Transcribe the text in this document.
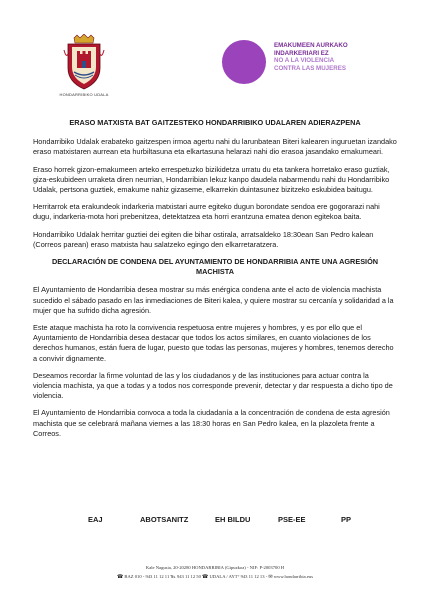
HONDARRIBIKO UDALA
EMAKUMEEN AURKAKO
INDARKERIARI EZ
NO A LA VIOLENCIA
CONTRA LAS MUJERES
ERASO MATXISTA BAT GAITZESTEKO HONDARRIBIKO UDALAREN ADIERAZPENA

Hondarribiko Udalak erabateko gaitzespen irmoa agertu nahi du larunbatean Biteri kalearen inguruetan izandako eraso matxistaren aurrean eta hurbiltasuna eta elkartasuna helarazi nahi dio erasoa jasandako emakumeari.

Eraso horrek gizon-emakumeen arteko errespetuzko bizikidetza urratu du eta tankera horretako eraso guztiak, giza-eskubideen urraketa diren neurrian, Hondarribian lekuz kanpo daudela nabarmendu nahi du Hondarribiko Udalak, pertsona guztiek, emakume nahiz gizaseme, elkarrekin duintasunez bizitzeko eskubidea baitugu.

Herritarrok eta erakundeok indarkeria matxistari aurre egiteko dugun borondate sendoa ere gogorarazi nahi dugu, indarkeria-mota hori prebenitzea, detektatzea eta horri erantzuna ematea denon egitekoa baita.

Hondarribiko Udalak herritar guztiei dei egiten die bihar ostirala, arratsaldeko 18:30ean San Pedro kalean (Correos parean) eraso matxista hau salatzeko egingo den elkarretaratzera.

DECLARACIÓN DE CONDENA DEL AYUNTAMIENTO DE HONDARRIBIA ANTE UNA AGRESIÓN MACHISTA

El Ayuntamiento de Hondarribia desea mostrar su más enérgica condena ante el acto de violencia machista sucedido el sábado pasado en las inmediaciones de Biteri kalea, y quiere mostrar su cercanía y solidaridad a la mujer que ha sufrido dicha agresión.

Este ataque machista ha roto la convivencia respetuosa entre mujeres y hombres, y es por ello que el Ayuntamiento de Hondarribia desea destacar que todos los actos similares, en cuanto violaciones de los derechos humanos, están fuera de lugar, puesto que todas las personas, mujeres y hombres, tenemos derecho a convivir dignamente.

Deseamos recordar la firme voluntad de las y los ciudadanos y de las instituciones para actuar contra la violencia machista, ya que a todas y a todos nos corresponde prevenir, detectar y dar respuesta a dicho tipo de violencia.

El Ayuntamiento de Hondarribia convoca a toda la ciudadanía a la concentración de condena de esta agresión machista que se celebrará mañana viernes a las 18:30 horas en San Pedro kalea, en la plazoleta frente a Correos.

EAJ	ABOTSANITZ	EH BILDU	PSE-EE	PP
Kale Nagusia, 20-20280 HONDARRIBIA (Gipuzkoa) - NIF: P-2003700 H
☎ BAZ 010 - 943 11 12 11 ℡ 943 11 12 50 ☎ UDALA / AYT° 943 11 12 13 - ✉ www.hondarribia.eus
